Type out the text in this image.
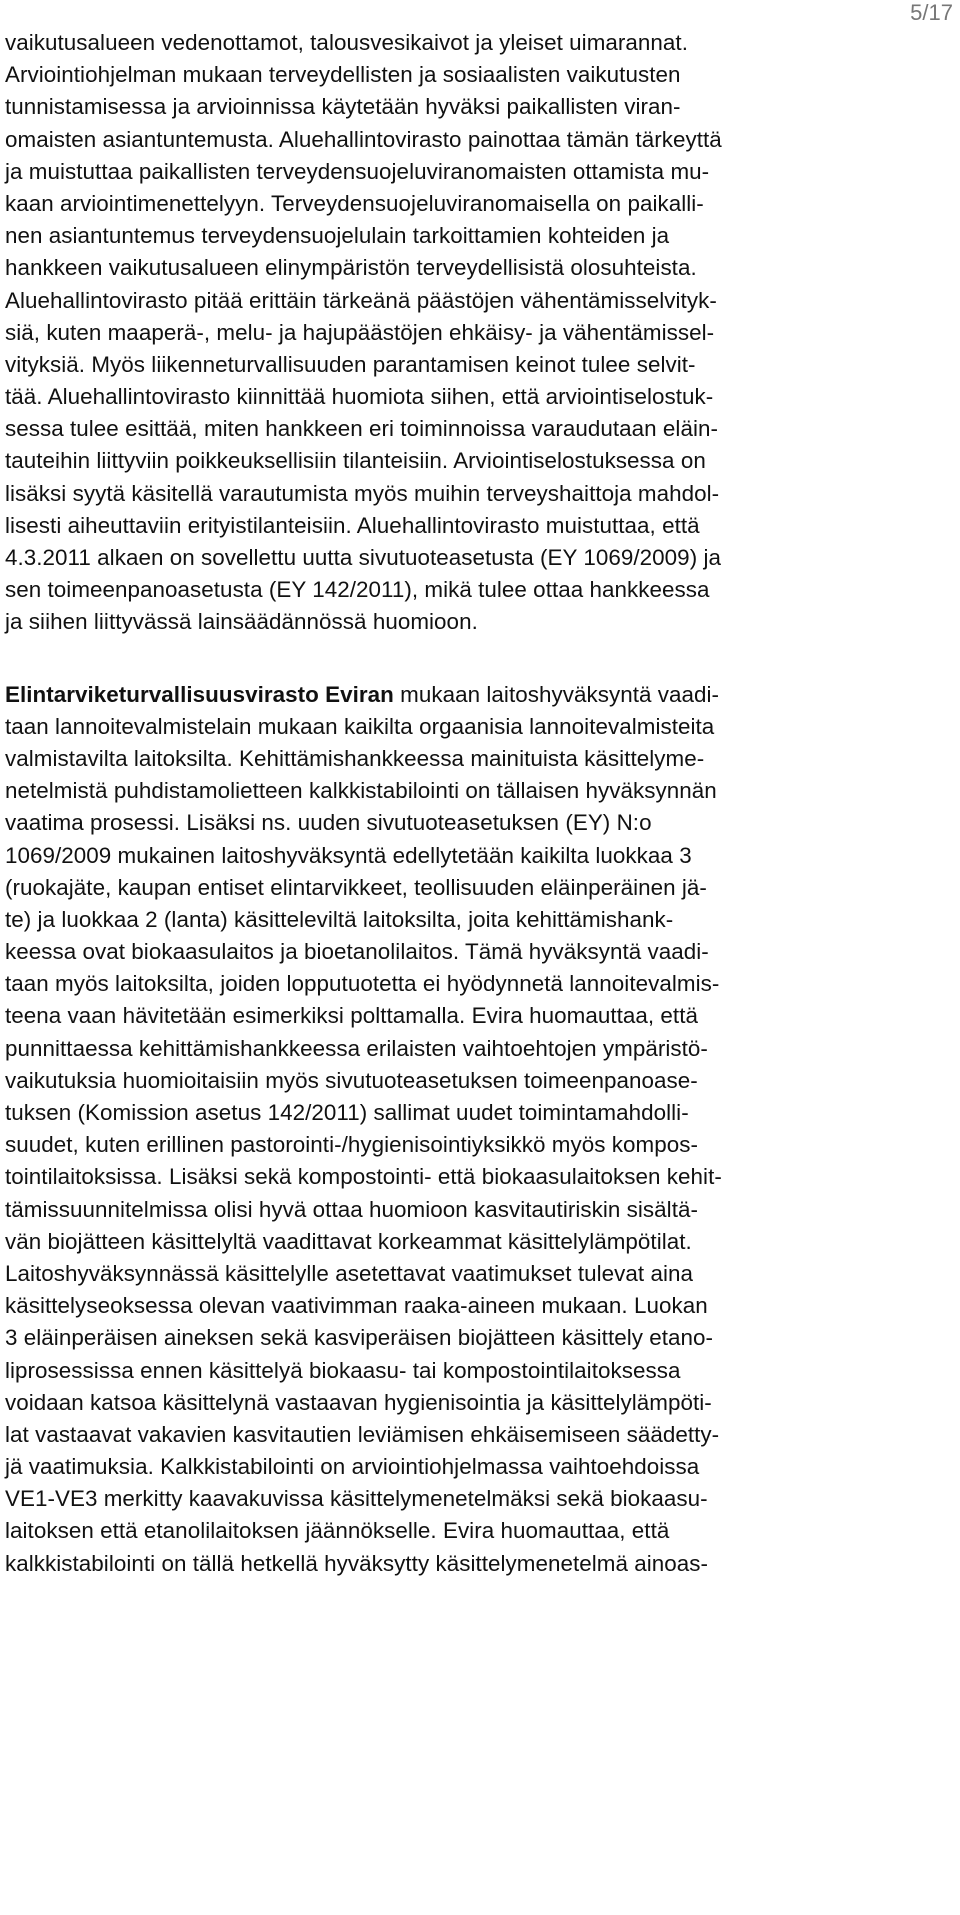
5/17
vaikutusalueen vedenottamot, talousvesikaivot ja yleiset uimarannat.
Arviointiohjelman mukaan terveydellisten ja sosiaalisten vaikutusten
tunnistamisessa ja arvioinnissa käytetään hyväksi paikallisten viran-
omaisten asiantuntemusta. Aluehallintovirasto painottaa tämän tärkeyttä
ja muistuttaa paikallisten terveydensuojeluviranomaisten ottamista mu-
kaan arviointimenettelyyn. Terveydensuojeluviranomaisella on paikalli-
nen asiantuntemus terveydensuojelulain tarkoittamien kohteiden ja
hankkeen vaikutusalueen elinympäristön terveydellisistä olosuhteista.
Aluehallintovirasto pitää erittäin tärkeänä päästöjen vähentämisselvityk-
siä, kuten maaperä-, melu- ja hajupäästöjen ehkäisy- ja vähentämissel-
vityksiä. Myös liikenneturvallisuuden parantamisen keinot tulee selvit-
tää. Aluehallintovirasto kiinnittää huomiota siihen, että arviointiselostuk-
sessa tulee esittää, miten hankkeen eri toiminnoissa varaudutaan eläin-
tauteihin liittyviin poikkeuksellisiin tilanteisiin. Arviointiselostuksessa on
lisäksi syytä käsitellä varautumista myös muihin terveyshaittoja mahdol-
lisesti aiheuttaviin erityistilanteisiin. Aluehallintovirasto muistuttaa, että
4.3.2011 alkaen on sovellettu uutta sivutuoteasetusta (EY 1069/2009) ja
sen toimeenpanoasetusta (EY 142/2011), mikä tulee ottaa hankkeessa
ja siihen liittyvässä lainsäädännössä huomioon.
Elintarviketurvallisuusvirasto Eviran mukaan laitoshyväksyntä vaadi-
taan lannoitevalmistelain mukaan kaikilta orgaanisia lannoitevalmisteita
valmistavilta laitoksilta. Kehittämishankkeessa mainituista käsittelyme-
netelmistä puhdistamolietteen kalkkistabilointi on tällaisen hyväksynnän
vaatima prosessi. Lisäksi ns. uuden sivutuoteasetuksen (EY) N:o
1069/2009 mukainen laitoshyväksyntä edellytetään kaikilta luokkaa 3
(ruokajäte, kaupan entiset elintarvikkeet, teollisuuden eläinperäinen jä-
te) ja luokkaa 2 (lanta) käsitteleviltä laitoksilta, joita kehittämishank-
keessa ovat biokaasulaitos ja bioetanolilaitos. Tämä hyväksyntä vaadi-
taan myös laitoksilta, joiden lopputuotetta ei hyödynnetä lannoitevalmis-
teena vaan hävitetään esimerkiksi polttamalla. Evira huomauttaa, että
punnittaessa kehittämishankkeessa erilaisten vaihtoehtojen ympäristö-
vaikutuksia huomioitaisiin myös sivutuoteasetuksen toimeenpanoase-
tuksen (Komission asetus 142/2011) sallimat uudet toimintamahdolli-
suudet, kuten erillinen pastorointi-/hygienisointiyksikkö myös kompos-
tointilaitoksissa. Lisäksi sekä kompostointi- että biokaasulaitoksen kehit-
tämissuunnitelmissa olisi hyvä ottaa huomioon kasvitautiriskin sisältä-
vän biojätteen käsittelyltä vaadittavat korkeammat käsittelylämpötilat.
Laitoshyväksynnässä käsittelylle asetettavat vaatimukset tulevat aina
käsittelyseoksessa olevan vaativimman raaka-aineen mukaan. Luokan
3 eläinperäisen aineksen sekä kasviperäisen biojätteen käsittely etano-
liprosessissa ennen käsittelyä biokaasu- tai kompostointilaitoksessa
voidaan katsoa käsittelynä vastaavan hygienisointia ja käsittelylämpöti-
lat vastaavat vakavien kasvitautien leviämisen ehkäisemiseen säädetty-
jä vaatimuksia. Kalkkistabilointi on arviointiohjelmassa vaihtoehdoissa
VE1-VE3 merkitty kaavakuvissa käsittelymenetelmäksi sekä biokaasu-
laitoksen että etanolilaitoksen jäännökselle. Evira huomauttaa, että
kalkkistabilointi on tällä hetkellä hyväksytty käsittelymenetelmä ainoas-
